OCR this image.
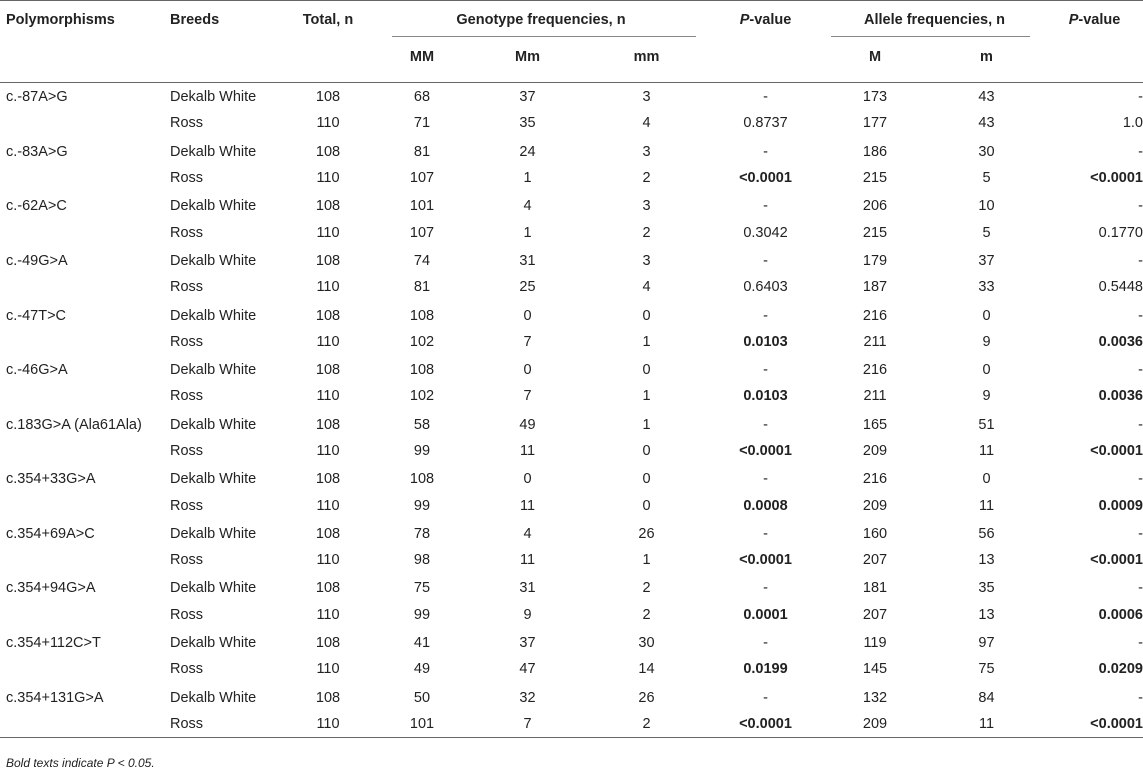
Polymorphisms	Breeds	Total, n	Genotype frequencies, n			P-value	Allele frequencies, n		P-value
			MM	Mm	mm		M	m	
c.-87A>G	Dekalb White	108	68	37	3	-	173	43	-
	Ross	110	71	35	4	0.8737	177	43	1.0
c.-83A>G	Dekalb White	108	81	24	3	-	186	30	-
	Ross	110	107	1	2	<0.0001	215	5	<0.0001
c.-62A>C	Dekalb White	108	101	4	3	-	206	10	-
	Ross	110	107	1	2	0.3042	215	5	0.1770
c.-49G>A	Dekalb White	108	74	31	3	-	179	37	-
	Ross	110	81	25	4	0.6403	187	33	0.5448
c.-47T>C	Dekalb White	108	108	0	0	-	216	0	-
	Ross	110	102	7	1	0.0103	211	9	0.0036
c.-46G>A	Dekalb White	108	108	0	0	-	216	0	-
	Ross	110	102	7	1	0.0103	211	9	0.0036
c.183G>A (Ala61Ala)	Dekalb White	108	58	49	1	-	165	51	-
	Ross	110	99	11	0	<0.0001	209	11	<0.0001
c.354+33G>A	Dekalb White	108	108	0	0	-	216	0	-
	Ross	110	99	11	0	0.0008	209	11	0.0009
c.354+69A>C	Dekalb White	108	78	4	26	-	160	56	-
	Ross	110	98	11	1	<0.0001	207	13	<0.0001
c.354+94G>A	Dekalb White	108	75	31	2	-	181	35	-
	Ross	110	99	9	2	0.0001	207	13	0.0006
c.354+112C>T	Dekalb White	108	41	37	30	-	119	97	-
	Ross	110	49	47	14	0.0199	145	75	0.0209
c.354+131G>A	Dekalb White	108	50	32	26	-	132	84	-
	Ross	110	101	7	2	<0.0001	209	11	<0.0001
Bold texts indicate P < 0.05.
